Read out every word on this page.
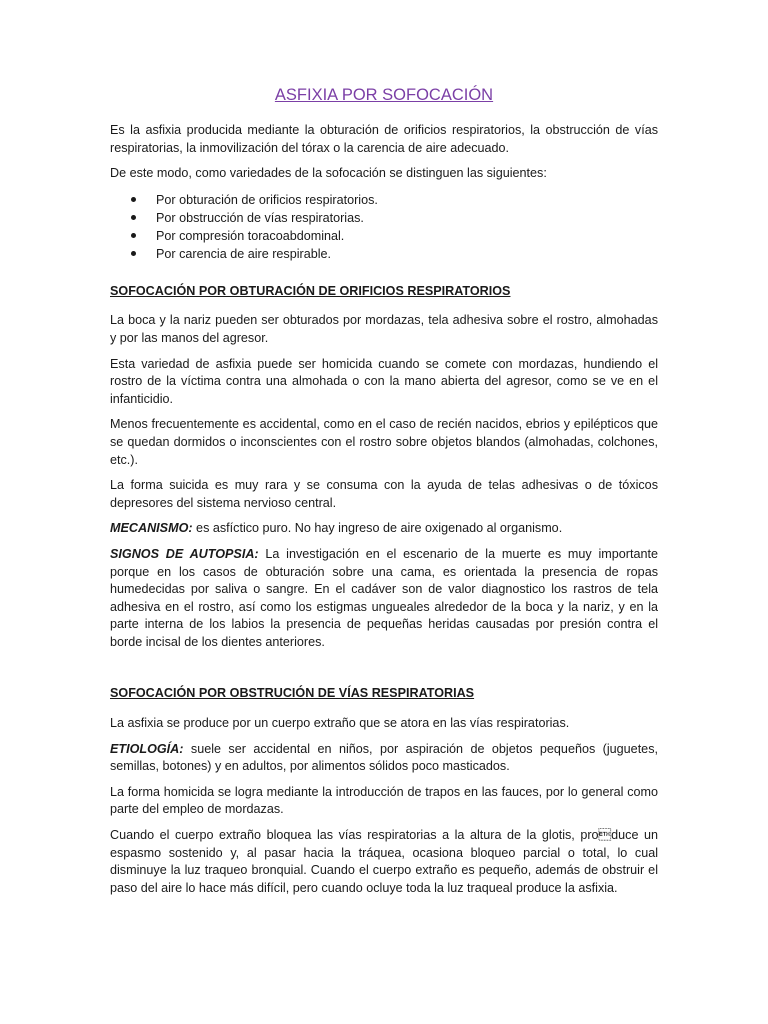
ASFIXIA POR SOFOCACIÓN

Es la asfixia producida mediante la obturación de orificios respiratorios, la obstrucción de vías respiratorias, la inmovilización del tórax o la carencia de aire adecuado.

De este modo, como variedades de la sofocación se distinguen las siguientes:

Por obturación de orificios respiratorios.
Por obstrucción de vías respiratorias.
Por compresión toracoabdominal.
Por carencia de aire respirable.
SOFOCACIÓN POR OBTURACIÓN DE ORIFICIOS RESPIRATORIOS

La boca y la nariz pueden ser obturados por mordazas, tela adhesiva sobre el rostro, almohadas y por las manos del agresor.

Esta variedad de asfixia puede ser homicida cuando se comete con mordazas, hundiendo el rostro de la víctima contra una almohada o con la mano abierta del agresor, como se ve en el infanticidio.

Menos frecuentemente es accidental, como en el caso de recién nacidos, ebrios y epilépticos que se quedan dormidos o inconscientes con el rostro sobre objetos blandos (almohadas, colchones, etc.).

La forma suicida es muy rara y se consuma con la ayuda de telas adhesivas o de tóxicos depresores del sistema nervioso central.

MECANISMO: es asfíctico puro. No hay ingreso de aire oxigenado al organismo.

SIGNOS DE AUTOPSIA: La investigación en el escenario de la muerte es muy importante porque en los casos de obturación sobre una cama, es orientada la presencia de ropas humedecidas por saliva o sangre. En el cadáver son de valor diagnostico los rastros de tela adhesiva en el rostro, así como los estigmas ungueales alrededor de la boca y la nariz, y en la parte interna de los labios la presencia de pequeñas heridas causadas por presión contra el borde incisal de los dientes anteriores.

SOFOCACIÓN POR OBSTRUCIÓN DE VÍAS RESPIRATORIAS

La asfixia se produce por un cuerpo extraño que se atora en las vías respiratorias.

ETIOLOGÍA: suele ser accidental en niños, por aspiración de objetos pequeños (juguetes, semillas, botones) y en adultos, por alimentos sólidos poco masticados.

La forma homicida se logra mediante la introducción de trapos en las fauces, por lo general como parte del empleo de mordazas.

Cuando el cuerpo extraño bloquea las vías respiratorias a la altura de la glotis, produce un espasmo sostenido y, al pasar hacia la tráquea, ocasiona bloqueo parcial o total, lo cual disminuye la luz traqueo bronquial. Cuando el cuerpo extraño es pequeño, además de obstruir el paso del aire lo hace más difícil, pero cuando ocluye toda la luz traqueal produce la asfixia.
